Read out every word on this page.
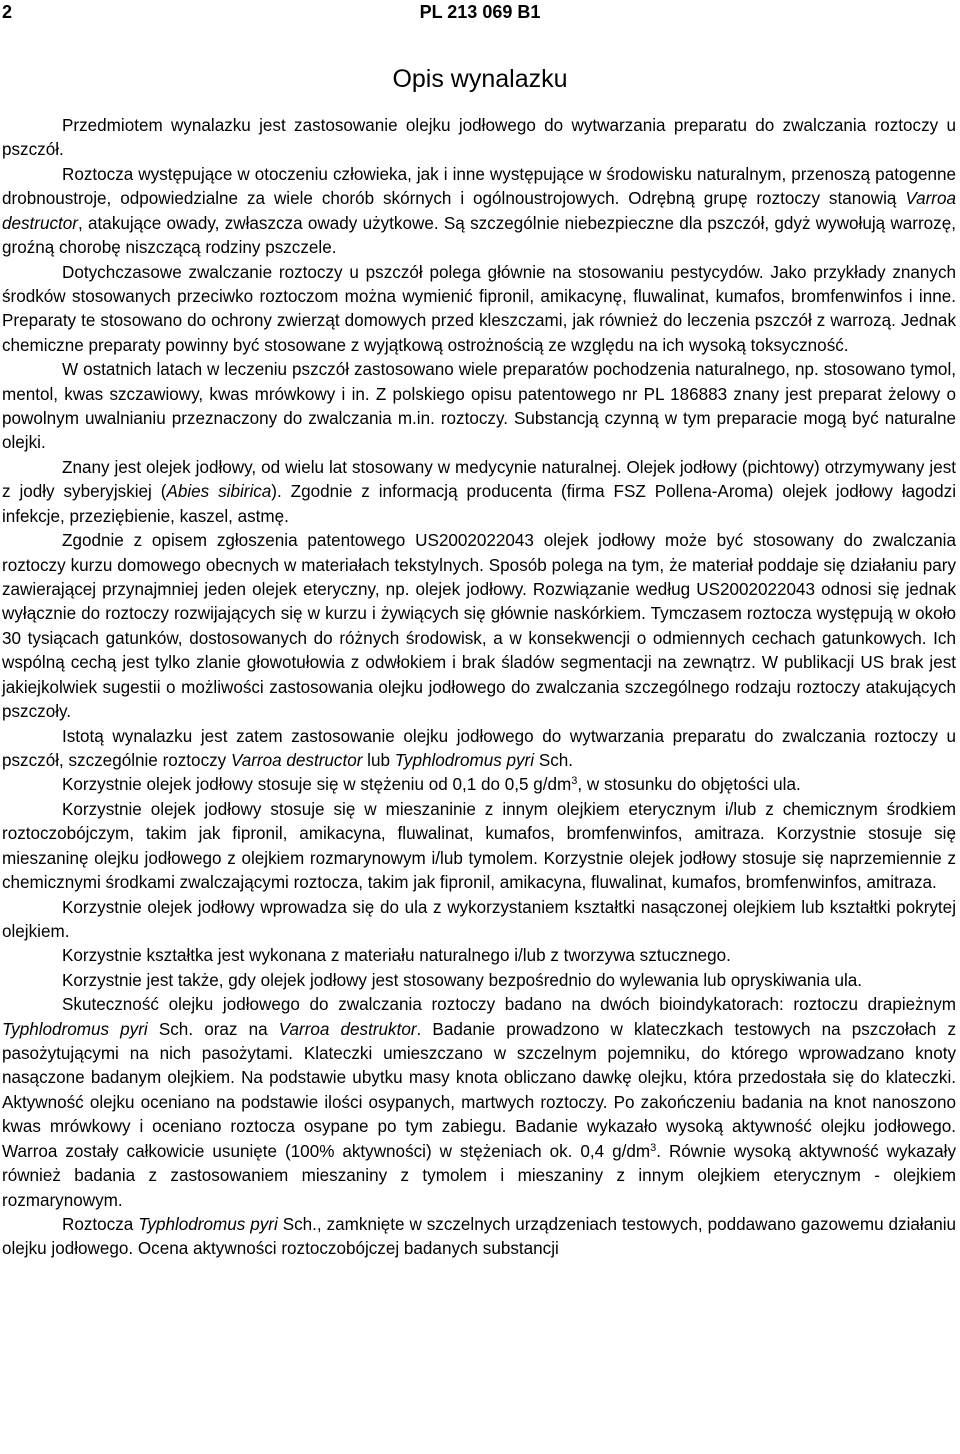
2	PL 213 069 B1
Opis wynalazku

Przedmiotem wynalazku jest zastosowanie olejku jodłowego do wytwarzania preparatu do zwalczania roztoczy u pszczół.

Roztocza występujące w otoczeniu człowieka, jak i inne występujące w środowisku naturalnym, przenoszą patogenne drobnoustroje, odpowiedzialne za wiele chorób skórnych i ogólnoustrojowych. Odrębną grupę roztoczy stanowią Varroa destructor, atakujące owady, zwłaszcza owady użytkowe. Są szczególnie niebezpieczne dla pszczół, gdyż wywołują warrozę, groźną chorobę niszczącą rodziny pszczele.

Dotychczasowe zwalczanie roztoczy u pszczół polega głównie na stosowaniu pestycydów. Jako przykłady znanych środków stosowanych przeciwko roztoczom można wymienić fipronil, amikacynę, fluwalinat, kumafos, bromfenwinfos i inne. Preparaty te stosowano do ochrony zwierząt domowych przed kleszczami, jak również do leczenia pszczół z warrozą. Jednak chemiczne preparaty powinny być stosowane z wyjątkową ostrożnością ze względu na ich wysoką toksyczność.

W ostatnich latach w leczeniu pszczół zastosowano wiele preparatów pochodzenia naturalnego, np. stosowano tymol, mentol, kwas szczawiowy, kwas mrówkowy i in. Z polskiego opisu patentowego nr PL 186883 znany jest preparat żelowy o powolnym uwalnianiu przeznaczony do zwalczania m.in. roztoczy. Substancją czynną w tym preparacie mogą być naturalne olejki.

Znany jest olejek jodłowy, od wielu lat stosowany w medycynie naturalnej. Olejek jodłowy (pichtowy) otrzymywany jest z jodły syberyjskiej (Abies sibirica). Zgodnie z informacją producenta (firma FSZ Pollena-Aroma) olejek jodłowy łagodzi infekcje, przeziębienie, kaszel, astmę.

Zgodnie z opisem zgłoszenia patentowego US2002022043 olejek jodłowy może być stosowany do zwalczania roztoczy kurzu domowego obecnych w materiałach tekstylnych. Sposób polega na tym, że materiał poddaje się działaniu pary zawierającej przynajmniej jeden olejek eteryczny, np. olejek jodłowy. Rozwiązanie według US2002022043 odnosi się jednak wyłącznie do roztoczy rozwijających się w kurzu i żywiących się głównie naskórkiem. Tymczasem roztocza występują w około 30 tysiącach gatunków, dostosowanych do różnych środowisk, a w konsekwencji o odmiennych cechach gatunkowych. Ich wspólną cechą jest tylko zlanie głowotułowia z odwłokiem i brak śladów segmentacji na zewnątrz. W publikacji US brak jest jakiejkolwiek sugestii o możliwości zastosowania olejku jodłowego do zwalczania szczególnego rodzaju roztoczy atakujących pszczoły.

Istotą wynalazku jest zatem zastosowanie olejku jodłowego do wytwarzania preparatu do zwalczania roztoczy u pszczół, szczególnie roztoczy Varroa destructor lub Typhlodromus pyri Sch.

Korzystnie olejek jodłowy stosuje się w stężeniu od 0,1 do 0,5 $g/dm^3$, w stosunku do objętości ula.

Korzystnie olejek jodłowy stosuje się w mieszaninie z innym olejkiem eterycznym i/lub z chemicznym środkiem roztoczobójczym, takim jak fipronil, amikacyna, fluwalinat, kumafos, bromfenwinfos, amitraza. Korzystnie stosuje się mieszaninę olejku jodłowego z olejkiem rozmarynowym i/lub tymolem. Korzystnie olejek jodłowy stosuje się naprzemiennie z chemicznymi środkami zwalczającymi roztocza, takim jak fipronil, amikacyna, fluwalinat, kumafos, bromfenwinfos, amitraza.

Korzystnie olejek jodłowy wprowadza się do ula z wykorzystaniem kształtki nasączonej olejkiem lub kształtki pokrytej olejkiem.

Korzystnie kształtka jest wykonana z materiału naturalnego i/lub z tworzywa sztucznego.

Korzystnie jest także, gdy olejek jodłowy jest stosowany bezpośrednio do wylewania lub opryskiwania ula.

Skuteczność olejku jodłowego do zwalczania roztoczy badano na dwóch bioindykatorach: roztoczu drapieżnym Typhlodromus pyri Sch. oraz na Varroa destruktor. Badanie prowadzono w klateczkach testowych na pszczołach z pasożytującymi na nich pasożytami. Klateczki umieszczano w szczelnym pojemniku, do którego wprowadzano knoty nasączone badanym olejkiem. Na podstawie ubytku masy knota obliczano dawkę olejku, która przedostała się do klateczki. Aktywność olejku oceniano na podstawie ilości osypanych, martwych roztoczy. Po zakończeniu badania na knot nanoszono kwas mrówkowy i oceniano roztocza osypane po tym zabiegu. Badanie wykazało wysoką aktywność olejku jodłowego. Warroa zostały całkowicie usunięte (100% aktywności) w stężeniach ok. 0,4 $g/dm^3$. Równie wysoką aktywność wykazały również badania z zastosowaniem mieszaniny z tymolem i mieszaniny z innym olejkiem eterycznym - olejkiem rozmarynowym.

Roztocza Typhlodromus pyri Sch., zamknięte w szczelnych urządzeniach testowych, poddawano gazowemu działaniu olejku jodłowego. Ocena aktywności roztoczobójczej badanych substancji
